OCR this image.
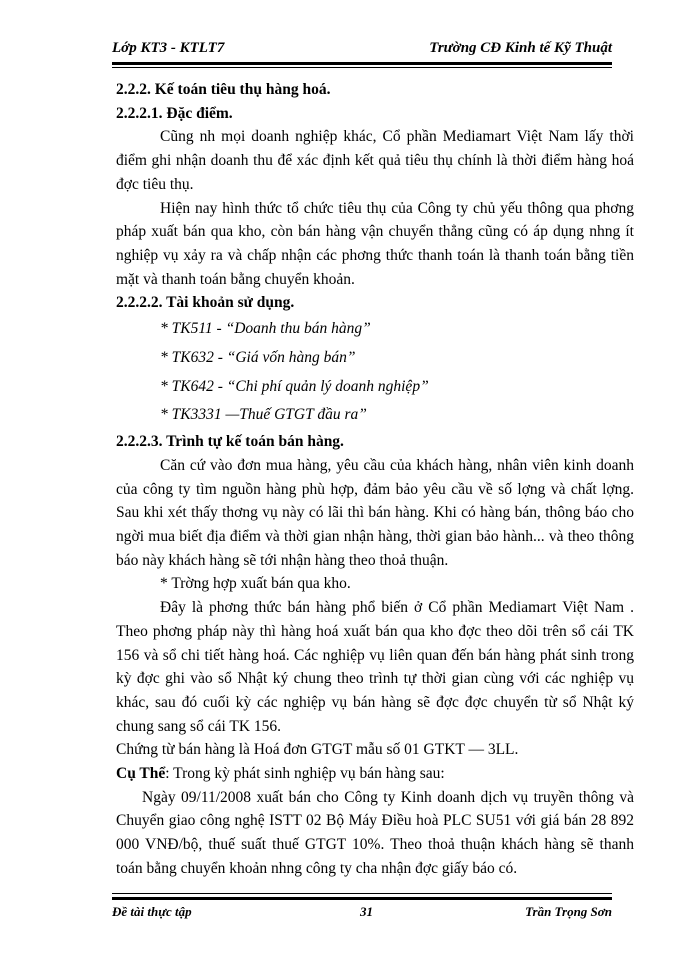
Lớp KT3 - KTLT7	Trường CĐ Kinh tế Kỹ Thuật

2.2.2. Kế toán tiêu thụ hàng hoá.

2.2.2.1. Đặc điểm.

Cũng nh mọi doanh nghiệp khác, Cổ phần Mediamart Việt Nam lấy thời điểm ghi nhận doanh thu để xác định kết quả tiêu thụ chính là thời điểm hàng hoá đợc tiêu thụ.

Hiện nay hình thức tổ chức tiêu thụ của Công ty chủ yếu thông qua phơng pháp xuất bán qua kho, còn bán hàng vận chuyển thẳng cũng có áp dụng nhng ít nghiệp vụ xảy ra và chấp nhận các phơng thức thanh toán là thanh toán bằng tiền mặt và thanh toán bằng chuyển khoản.

2.2.2.2. Tài khoản sử dụng.

* TK511 - “Doanh thu bán hàng”

* TK632 - “Giá vốn hàng bán”

* TK642 - “Chi phí quản lý doanh nghiệp”

* TK3331 —Thuế GTGT đầu ra”

2.2.2.3. Trình tự kế toán bán hàng.

Căn cứ vào đơn mua hàng, yêu cầu của khách hàng, nhân viên kinh doanh của công ty tìm nguồn hàng phù hợp, đảm bảo yêu cầu về số lợng và chất lợng. Sau khi xét thấy thơng vụ này có lãi thì bán hàng. Khi có hàng bán, thông báo cho ngời mua biết địa điểm và thời gian nhận hàng, thời gian bảo hành... và theo thông báo này khách hàng sẽ tới nhận hàng theo thoả thuận.

* Trờng hợp xuất bán qua kho.

Đây là phơng thức bán hàng phổ biến ở Cổ phần Mediamart Việt Nam . Theo phơng pháp này thì hàng hoá xuất bán qua kho đợc theo dõi trên sổ cái TK 156 và sổ chi tiết hàng hoá. Các nghiệp vụ liên quan đến bán hàng phát sinh trong kỳ đợc ghi vào sổ Nhật ký chung theo trình tự thời gian cùng với các nghiệp vụ khác, sau đó cuối kỳ các nghiệp vụ bán hàng sẽ đợc đợc chuyển từ sổ Nhật ký chung sang sổ cái TK 156.

Chứng từ bán hàng là Hoá đơn GTGT mẫu số 01 GTKT — 3LL.

Cụ Thể: Trong kỳ phát sinh nghiệp vụ bán hàng sau:

Ngày 09/11/2008 xuất bán cho Công ty Kinh doanh dịch vụ truyền thông và Chuyển giao công nghệ ISTT 02 Bộ Máy Điều hoà PLC SU51 với giá bán 28 892 000 VNĐ/bộ, thuế suất thuế GTGT 10%. Theo thoả thuận khách hàng sẽ thanh toán bằng chuyển khoản nhng công ty cha nhận đợc giấy báo có.

Đề tài thực tập	31	Trần Trọng Sơn
